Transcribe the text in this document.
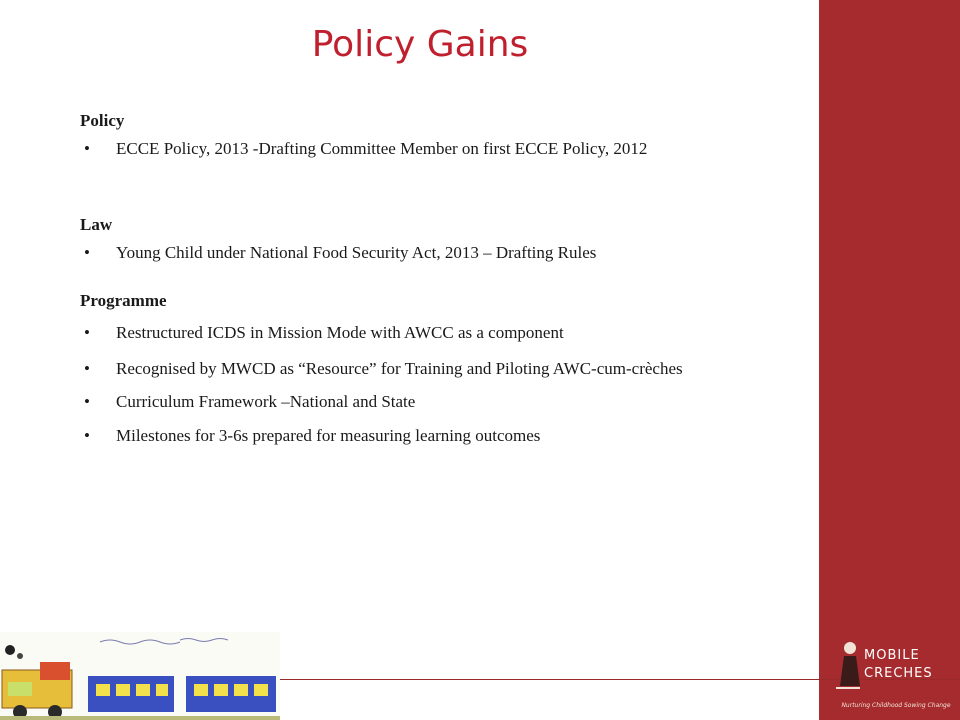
Policy Gains

Policy

• ECCE Policy, 2013 -Drafting Committee Member on first ECCE Policy, 2012

Law

• Young Child under National Food Security Act, 2013 – Drafting Rules

Programme

• Restructured ICDS in Mission Mode with AWCC as a component
• Recognised by MWCD as “Resource” for Training and Piloting AWC-cum-crèches
• Curriculum Framework –National and State
• Milestones for 3-6s prepared for measuring learning outcomes
MOBILE
CRECHES
Nurturing Childhood Sowing Change
